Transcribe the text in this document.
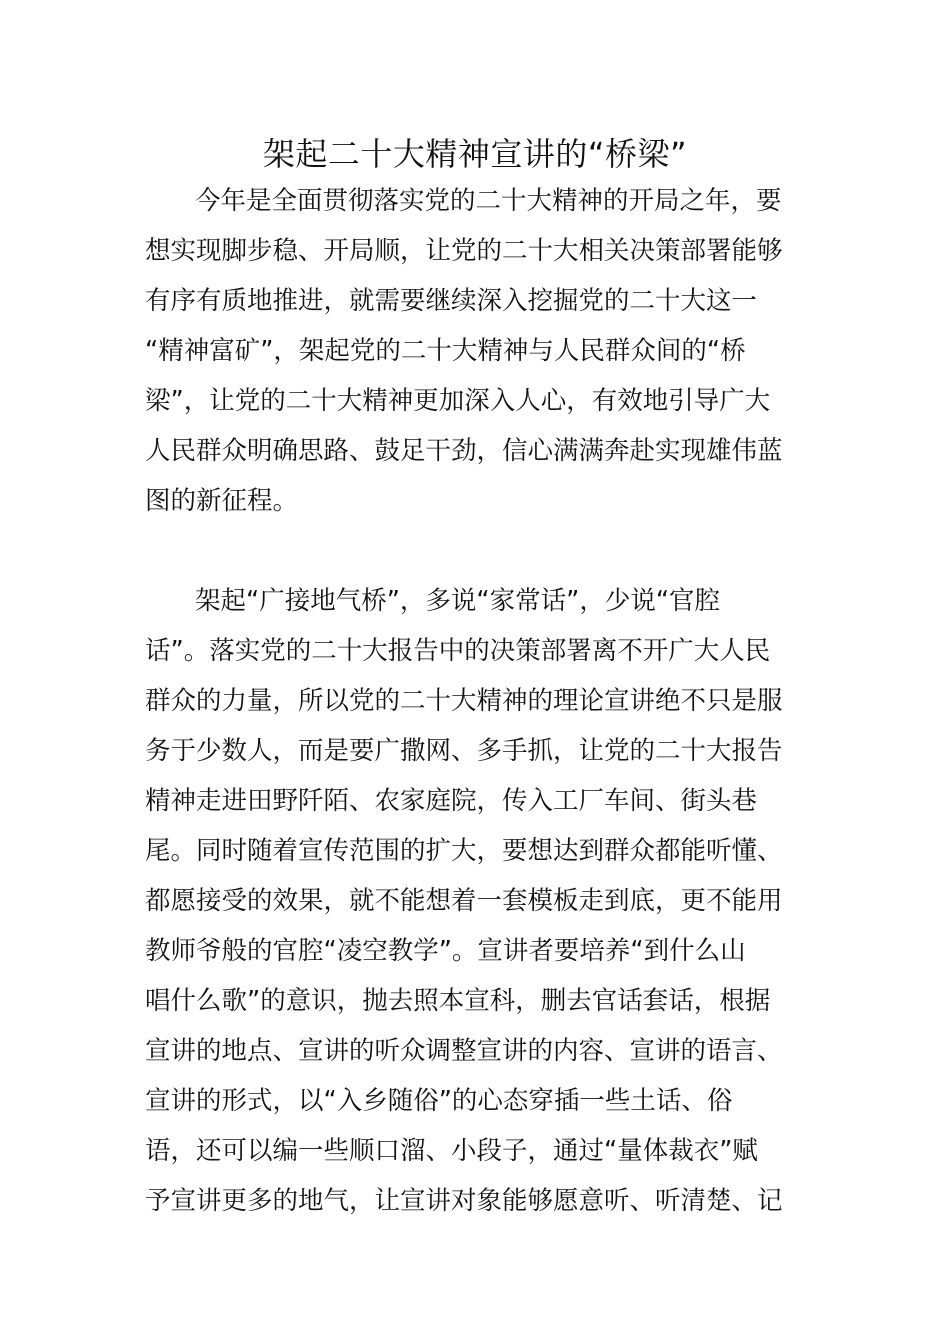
架起二十大精神宣讲的“桥梁”
今年是全面贯彻落实党的二十大精神的开局之年，要
想实现脚步稳、开局顺，让党的二十大相关决策部署能够
有序有质地推进，就需要继续深入挖掘党的二十大这一
“精神富矿”，架起党的二十大精神与人民群众间的“桥
梁”，让党的二十大精神更加深入人心，有效地引导广大
人民群众明确思路、鼓足干劲，信心满满奔赴实现雄伟蓝
图的新征程。
架起“广接地气桥”，多说“家常话”，少说“官腔
话”。落实党的二十大报告中的决策部署离不开广大人民
群众的力量，所以党的二十大精神的理论宣讲绝不只是服
务于少数人，而是要广撒网、多手抓，让党的二十大报告
精神走进田野阡陌、农家庭院，传入工厂车间、街头巷
尾。同时随着宣传范围的扩大，要想达到群众都能听懂、
都愿接受的效果，就不能想着一套模板走到底，更不能用
教师爷般的官腔“凌空教学”。宣讲者要培养“到什么山
唱什么歌”的意识，抛去照本宣科，删去官话套话，根据
宣讲的地点、宣讲的听众调整宣讲的内容、宣讲的语言、
宣讲的形式，以“入乡随俗”的心态穿插一些土话、俗
语，还可以编一些顺口溜、小段子，通过“量体裁衣”赋
予宣讲更多的地气，让宣讲对象能够愿意听、听清楚、记
